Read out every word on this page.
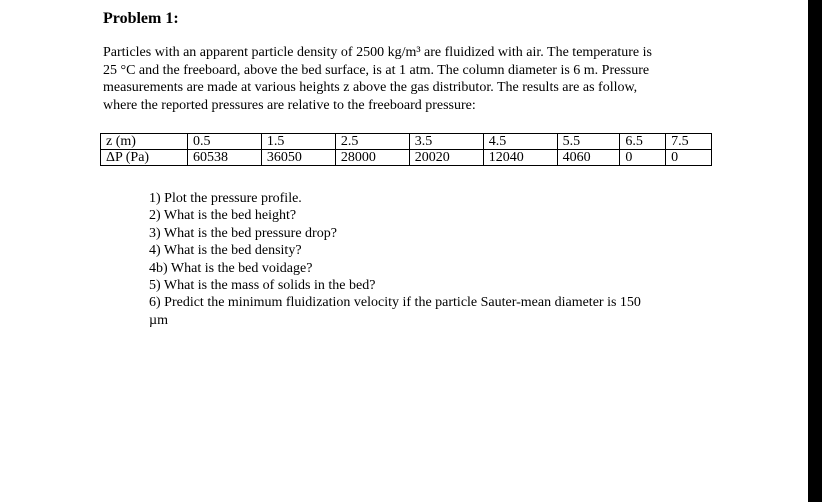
Problem 1:
Particles with an apparent particle density of 2500 kg/m³ are fluidized with air. The temperature is
25 °C and the freeboard, above the bed surface, is at 1 atm. The column diameter is 6 m. Pressure
measurements are made at various heights z above the gas distributor. The results are as follow,
where the reported pressures are relative to the freeboard pressure:
z (m)	0.5	1.5	2.5	3.5	4.5	5.5	6.5	7.5
ΔP (Pa)	60538	36050	28000	20020	12040	4060	0	0
1) Plot the pressure profile.
2) What is the bed height?
3) What is the bed pressure drop?
4) What is the bed density?
4b) What is the bed voidage?
5) What is the mass of solids in the bed?
6) Predict the minimum fluidization velocity if the particle Sauter-mean diameter is 150
µm
